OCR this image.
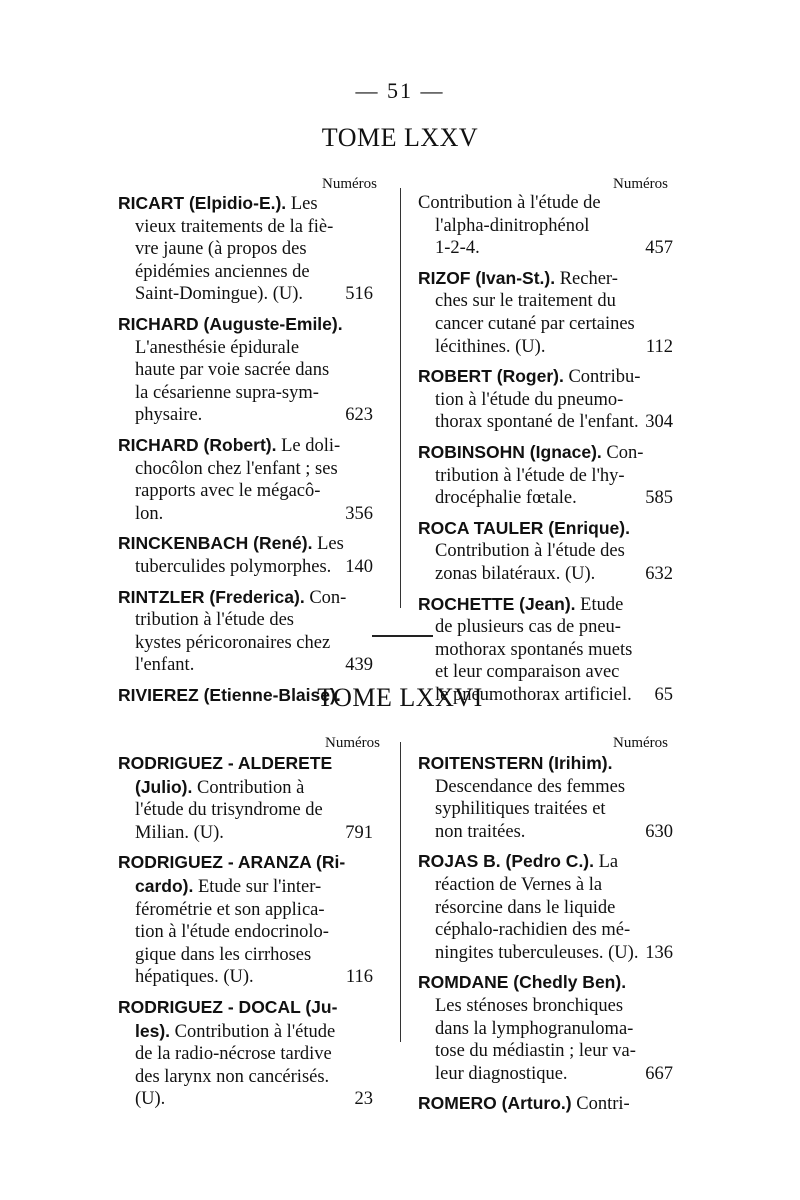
— 51 —
TOME LXXV
Numéros	Numéros
RICART (Elpidio-E.). Les
vieux traitements de la fiè-
vre jaune (à propos des
épidémies anciennes de
Saint-Domingue). (U). 516
RICHARD (Auguste-Emile).
L'anesthésie épidurale
haute par voie sacrée dans
la césarienne supra-sym-
physaire.	623
RICHARD (Robert). Le doli-
chocôlon chez l'enfant ; ses
rapports avec le mégacô-
lon.	356
RINCKENBACH (René). Les
tuberculides polymorphes. 140
RINTZLER (Frederica). Con-
tribution à l'étude des
kystes péricoronaires chez
l'enfant.	439
RIVIEREZ (Etienne-Blaise).
Contribution à l'étude de
l'alpha-dinitrophénol
1-2-4.	457
RIZOF (Ivan-St.). Recher-
ches sur le traitement du
cancer cutané par certaines
lécithines. (U).	112
ROBERT (Roger). Contribu-
tion à l'étude du pneumo-
thorax spontané de l'enfant. 304
ROBINSOHN (Ignace). Con-
tribution à l'étude de l'hy-
drocéphalie fœtale.	585
ROCA TAULER (Enrique).
Contribution à l'étude des
zonas bilatéraux. (U).	632
ROCHETTE (Jean). Etude
de plusieurs cas de pneu-
mothorax spontanés muets
et leur comparaison avec
le pneumothorax artificiel. 65
TOME LXXVI
Numéros	Numéros
RODRIGUEZ - ALDERETE
(Julio). Contribution à
l'étude du trisyndrome de
Milian. (U).	791
RODRIGUEZ - ARANZA (Ri-
cardo). Etude sur l'inter-
férométrie et son applica-
tion à l'étude endocrinolo-
gique dans les cirrhoses
hépatiques. (U).	116
RODRIGUEZ - DOCAL (Ju-
les). Contribution à l'étude
de la radio-nécrose tardive
des larynx non cancérisés.
(U).	23
ROITENSTERN (Irihim).
Descendance des femmes
syphilitiques traitées et
non traitées.	630
ROJAS B. (Pedro C.). La
réaction de Vernes à la
résorcine dans le liquide
céphalo-rachidien des mé-
ningites tuberculeuses. (U). 136
ROMDANE (Chedly Ben).
Les sténoses bronchiques
dans la lymphogranuloma-
tose du médiastin ; leur va-
leur diagnostique.	667
ROMERO (Arturo.) Contri-
